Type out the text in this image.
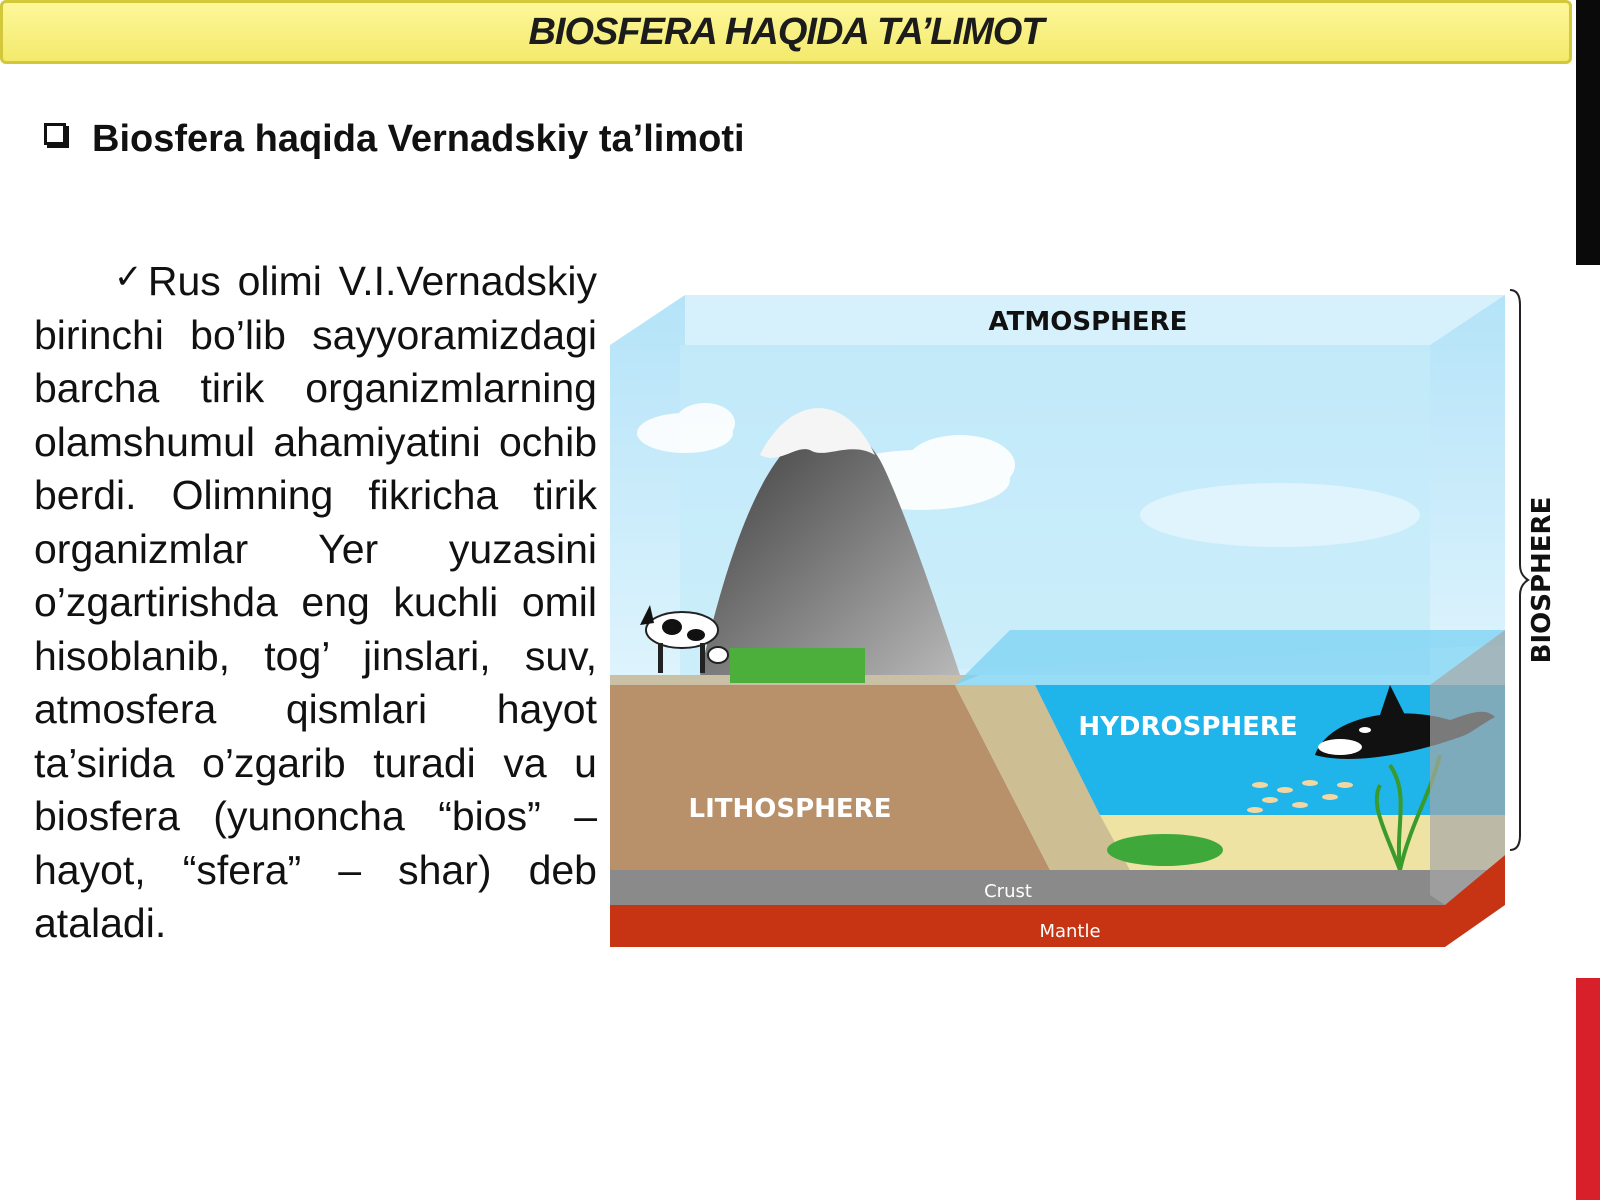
BIOSFERA HAQIDA TA’LIMOT
Biosfera haqida Vernadskiy ta’limoti
✓Rus olimi V.I.Vernadskiy birinchi bo’lib sayyoramizdagi barcha tirik organizmlarning olamshumul ahamiyatini ochib berdi. Olimning fikricha tirik organizmlar Yer yuzasini o’zgartirishda eng kuchli omil hisoblanib, tog’ jinslari, suv, atmosfera qismlari hayot ta’sirida o’zgarib turadi va u biosfera (yunoncha “bios” – hayot, “sfera” – shar) deb ataladi.
ATMOSPHERE
HYDROSPHERE
LITHOSPHERE
Crust
Mantle
BIOSPHERE
